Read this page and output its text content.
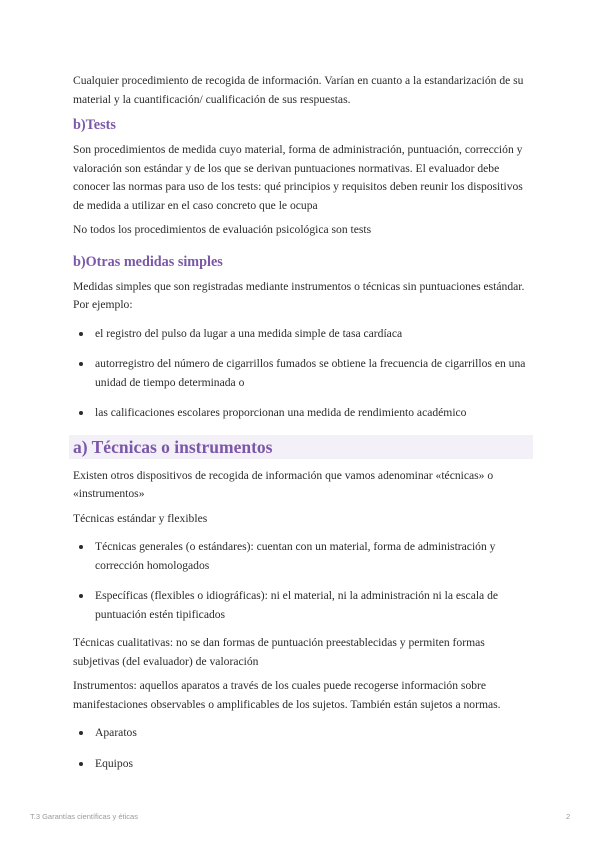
Cualquier procedimiento de recogida de información. Varían en cuanto a la estandarización de su material y la cuantificación/ cualificación de sus respuestas.

b)Tests

Son procedimientos de medida cuyo material, forma de administración, puntuación, corrección y valoración son estándar y de los que se derivan puntuaciones normativas. El evaluador debe conocer las normas para uso de los tests: qué principios y requisitos deben reunir los dispositivos de medida a utilizar en el caso concreto que le ocupa

No todos los procedimientos de evaluación psicológica son tests

b)Otras medidas simples

Medidas simples que son registradas mediante instrumentos o técnicas sin puntuaciones estándar. Por ejemplo:

el registro del pulso da lugar a una medida simple de tasa cardíaca
autorregistro del número de cigarrillos fumados se obtiene la frecuencia de cigarrillos en una unidad de tiempo determinada o
las calificaciones escolares proporcionan una medida de rendimiento académico
a) Técnicas o instrumentos

Existen otros dispositivos de recogida de información que vamos adenominar «técnicas» o «instrumentos»

Técnicas estándar y flexibles

Técnicas generales (o estándares): cuentan con un material, forma de administración y corrección homologados
Específicas (flexibles o idiográficas): ni el material, ni la administración ni la escala de puntuación estén tipificados

Técnicas cualitativas: no se dan formas de puntuación preestablecidas y permiten formas subjetivas (del evaluador) de valoración

Instrumentos: aquellos aparatos a través de los cuales puede recogerse información sobre manifestaciones observables o amplificables de los sujetos. También están sujetos a normas.

Aparatos
Equipos
T.3 Garantías científicas y éticas	2
